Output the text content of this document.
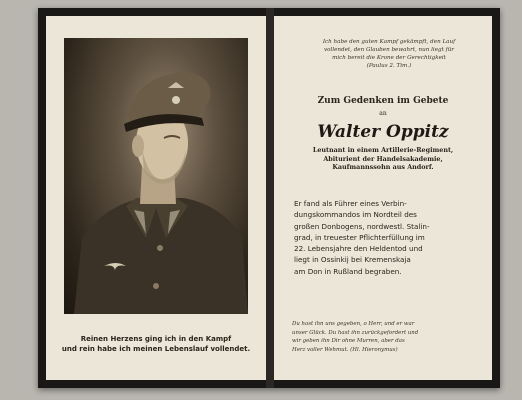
Reinen Herzens ging ich in den Kampf
und rein habe ich meinen Lebenslauf vollendet.
Ich habe den guten Kampf gekämpft, den Lauf
vollendet, den Glauben bewahrt, nun liegt für
mich bereit die Krone der Gerechtigkeit
(Paulus 2. Tim.)
Zum Gedenken im Gebete
an
Walter Oppitz
Leutnant in einem Artillerie-Regiment,
Abiturient der Handelsakademie,
Kaufmannssohn aus Andorf.
Er fand als Führer eines Verbin-
dungskommandos im Nordteil des
großen Donbogens, nordwestl. Stalin-
grad, in treuester Pflichterfüllung im
22. Lebensjahre den Heldentod und
liegt in Ossinkij bei Kremenskaja
am Don in Rußland begraben.
Du hast ihn uns gegeben, o Herr, und er war
unser Glück. Du hast ihn zurückgefordert und
wir geben ihn Dir ohne Murren, aber das
Herz voller Wehmut. (Hl. Hieronymus)
